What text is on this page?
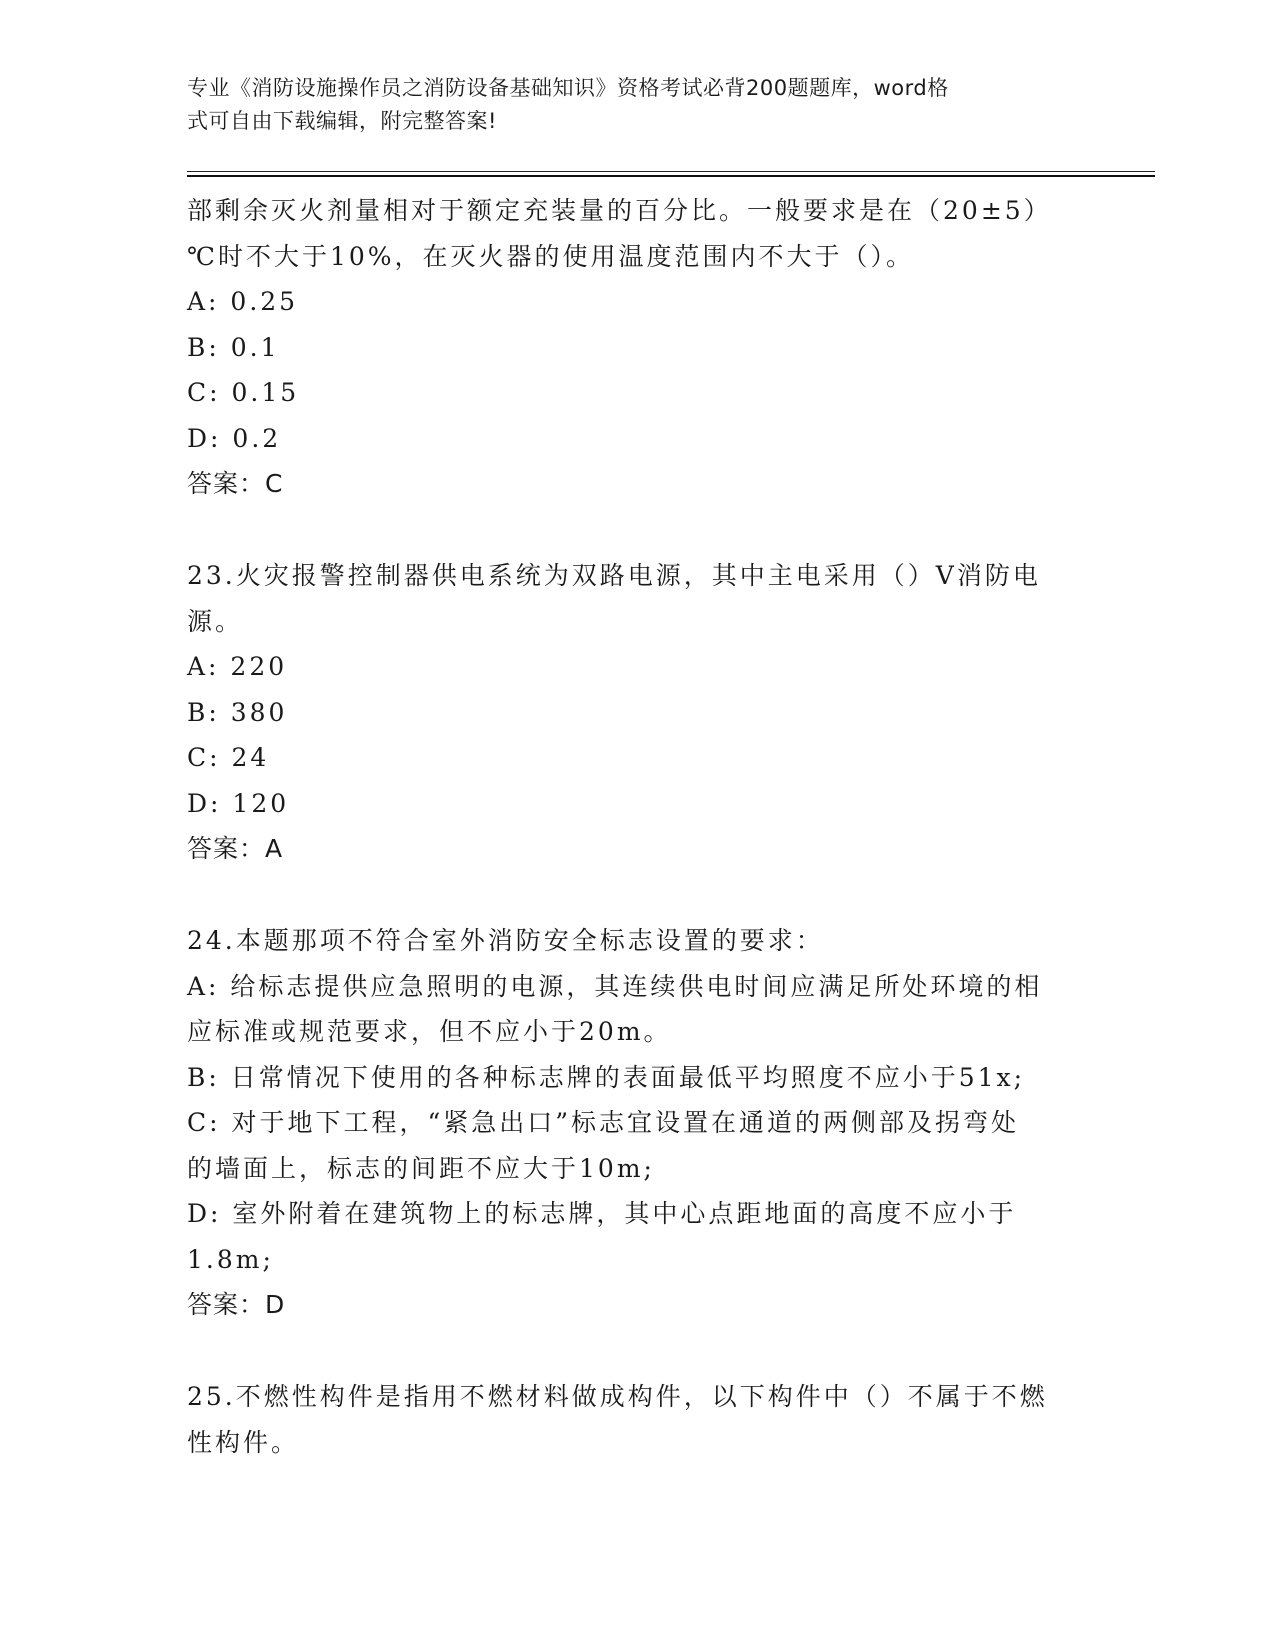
专业《消防设施操作员之消防设备基础知识》资格考试必背200题题库，word格
式可自由下载编辑，附完整答案!
部剩余灭火剂量相对于额定充装量的百分比。一般要求是在（20±5）
℃时不大于10%，在灭火器的使用温度范围内不大于（）。
A: 0.25
B: 0.1
C: 0.15
D: 0.2
答案：C
23.火灾报警控制器供电系统为双路电源，其中主电采用（）V消防电
源。
A: 220
B: 380
C: 24
D: 120
答案：A
24.本题那项不符合室外消防安全标志设置的要求：
A: 给标志提供应急照明的电源，其连续供电时间应满足所处环境的相
应标准或规范要求，但不应小于20m。
B: 日常情况下使用的各种标志牌的表面最低平均照度不应小于51x;
C: 对于地下工程，“紧急出口”标志宜设置在通道的两侧部及拐弯处
的墙面上，标志的间距不应大于10m;
D: 室外附着在建筑物上的标志牌，其中心点距地面的高度不应小于
1.8m;
答案：D
25.不燃性构件是指用不燃材料做成构件，以下构件中（）不属于不燃
性构件。
